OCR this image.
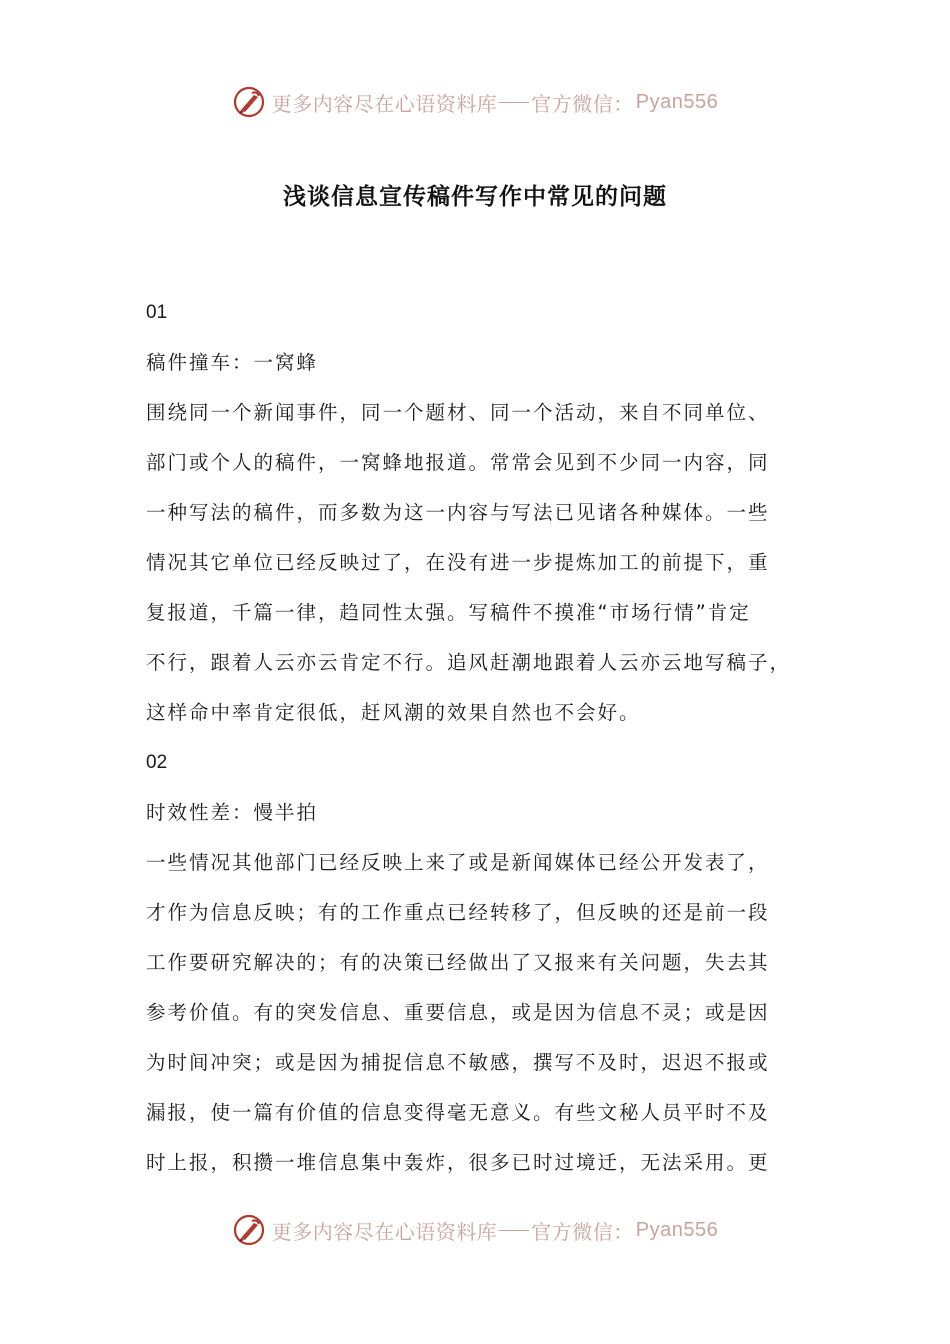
更多内容尽在心语资料库 官方微信： Pyan556
浅谈信息宣传稿件写作中常见的问题
01
稿件撞车：一窝蜂
围绕同一个新闻事件，同一个题材、同一个活动，来自不同单位、
部门或个人的稿件，一窝蜂地报道。常常会见到不少同一内容，同
一种写法的稿件，而多数为这一内容与写法已见诸各种媒体。一些
情况其它单位已经反映过了，在没有进一步提炼加工的前提下，重
复报道，千篇一律，趋同性太强。写稿件不摸准“市场行情”肯定
不行，跟着人云亦云肯定不行。追风赶潮地跟着人云亦云地写稿子，
这样命中率肯定很低，赶风潮的效果自然也不会好。
02
时效性差：慢半拍
一些情况其他部门已经反映上来了或是新闻媒体已经公开发表了，
才作为信息反映；有的工作重点已经转移了，但反映的还是前一段
工作要研究解决的；有的决策已经做出了又报来有关问题，失去其
参考价值。有的突发信息、重要信息，或是因为信息不灵；或是因
为时间冲突；或是因为捕捉信息不敏感，撰写不及时，迟迟不报或
漏报，使一篇有价值的信息变得毫无意义。有些文秘人员平时不及
时上报，积攒一堆信息集中轰炸，很多已时过境迁，无法采用。更
更多内容尽在心语资料库 官方微信： Pyan556
